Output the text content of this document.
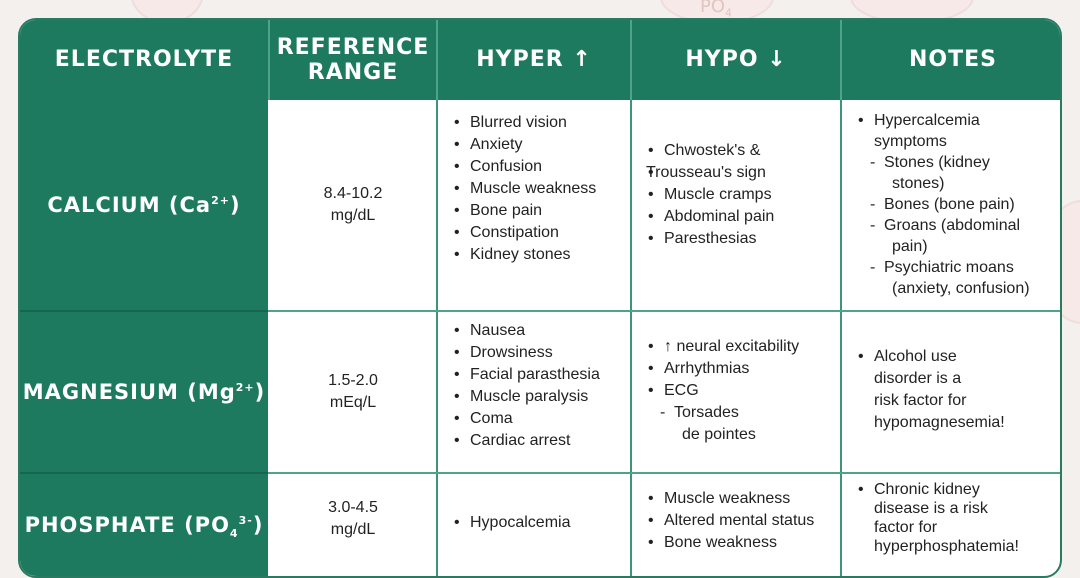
ELECTROLYTE
REFERENCE
RANGE
HYPER ↑	HYPO ↓	NOTES
CALCIUM $(Ca^{2+})$
MAGNESIUM $(Mg^{2+})$
PHOSPHATE $(PO_4^{3-})$
8.4-10.2
mg/dL
• Blurred vision
• Anxiety
• Confusion
• Muscle weakness
• Bone pain
• Constipation
• Kidney stones
• Chwostek's &
• Trousseau's sign
• Muscle cramps
• Abdominal pain
• Paresthesias
• Hypercalcemia
symptoms
- Stones (kidney
stones)
- Bones (bone pain)
- Groans (abdominal
pain)
- Psychiatric moans
(anxiety, confusion)
1.5-2.0
mEq/L
• Nausea
• Drowsiness
• Facial parasthesia
• Muscle paralysis
• Coma
• Cardiac arrest
• ↑ neural excitability
• Arrhythmias
• ECG
- Torsades
de pointes
• Alcohol use
disorder is a
risk factor for
hypomagnesemia!
3.0-4.5
mg/dL
•	Hypocalcemia
• Muscle weakness
• Altered mental status
• Bone weakness
• Chronic kidney
disease is a risk
factor for
hyperphosphatemia!
$PO_4$
